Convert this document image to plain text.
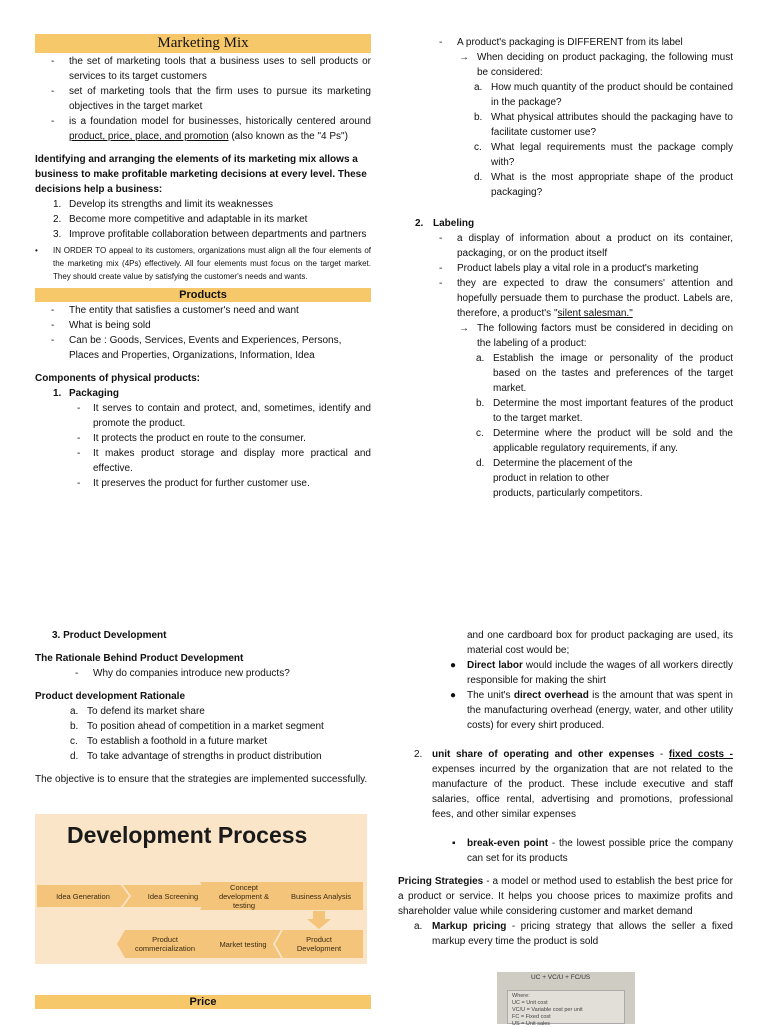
Marketing Mix
- the set of marketing tools that a business uses to sell products or services to its target customers
- set of marketing tools that the firm uses to pursue its marketing objectives in the target market
- is a foundation model for businesses, historically centered around product, price, place, and promotion (also known as the "4 Ps")
Identifying and arranging the elements of its marketing mix allows a business to make profitable marketing decisions at every level. These decisions help a business:
1. Develop its strengths and limit its weaknesses
2. Become more competitive and adaptable in its market
3. Improve profitable collaboration between departments and partners
• IN ORDER TO appeal to its customers, organizations must align all the four elements of the marketing mix (4Ps) effectively. All four elements must focus on the target market. They should create value by satisfying the customer's needs and wants.
Products
- The entity that satisfies a customer's need and want
- What is being sold
- Can be : Goods, Services, Events and Experiences, Persons, Places and Properties, Organizations, Information, Idea
Components of physical products:
1. Packaging
- It serves to contain and protect, and, sometimes, identify and promote the product.
- It protects the product en route to the consumer.
- It makes product storage and display more practical and effective.
- It preserves the product for further customer use.
- A product's packaging is DIFFERENT from its label
→ When deciding on product packaging, the following must be considered:
a. How much quantity of the product should be contained in the package?
b. What physical attributes should the packaging have to facilitate customer use?
c. What legal requirements must the package comply with?
d. What is the most appropriate shape of the product packaging?
2. Labeling
- a display of information about a product on its container, packaging, or on the product itself
- Product labels play a vital role in a product's marketing
- they are expected to draw the consumers' attention and hopefully persuade them to purchase the product. Labels are, therefore, a product's "silent salesman."
→ The following factors must be considered in deciding on the labeling of a product:
a. Establish the image or personality of the product based on the tastes and preferences of the target market.
b. Determine the most important features of the product to the target market.
c. Determine where the product will be sold and the applicable regulatory requirements, if any.
d. Determine the placement of the product in relation to other products, particularly competitors.
3. Product Development
The Rationale Behind Product Development
- Why do companies introduce new products?
Product development Rationale
a. To defend its market share
b. To position ahead of competition in a market segment
c. To establish a foothold in a future market
d. To take advantage of strengths in product distribution
The objective is to ensure that the strategies are implemented successfully.
Development Process
Idea Generation	Idea Screening
Concept development & testing
Business Analysis
Product commercialization	Market testing	Product Development
Price
and one cardboard box for product packaging are used, its material cost would be;
● Direct labor would include the wages of all workers directly responsible for making the shirt
● The unit's direct overhead is the amount that was spent in the manufacturing overhead (energy, water, and other utility costs) for every shirt produced.
2. unit share of operating and other expenses - fixed costs - expenses incurred by the organization that are not related to the manufacture of the product. These include executive and staff salaries, office rental, advertising and promotions, professional fees, and other similar expenses
▪ break-even point - the lowest possible price the company can set for its products
Pricing Strategies - a model or method used to establish the best price for a product or service. It helps you choose prices to maximize profits and shareholder value while considering customer and market demand
a. Markup pricing - pricing strategy that allows the seller a fixed markup every time the product is sold
UC + VC/U + FC/US
Where:
UC = Unit cost
VC/U = Variable cost per unit
FC = Fixed cost
US = Unit sales
